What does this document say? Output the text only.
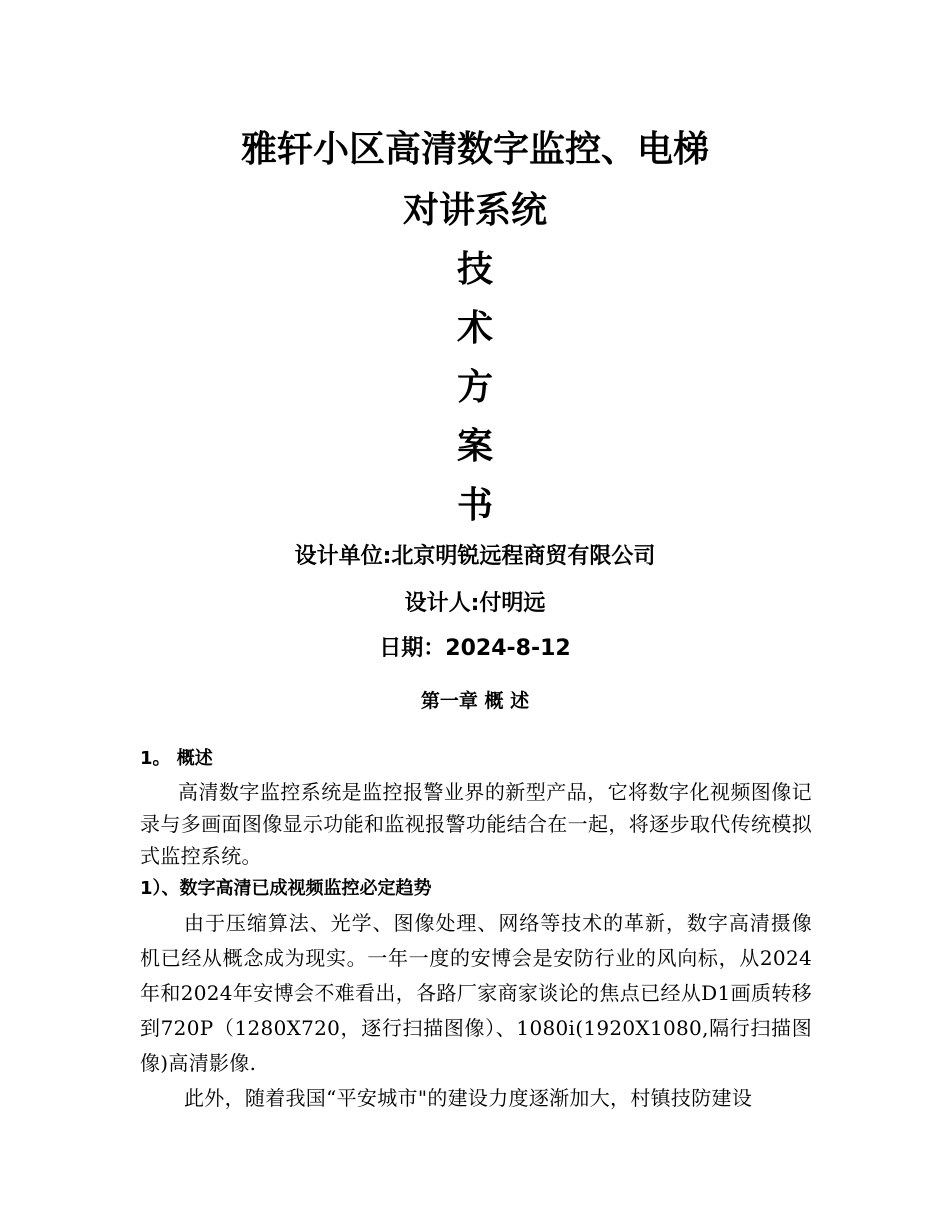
雅轩小区高清数字监控、电梯
对讲系统
技
术
方
案
书
设计单位:北京明锐远程商贸有限公司
设计人:付明远
日期：2024-8-12
第一章 概 述
1。 概述

高清数字监控系统是监控报警业界的新型产品，它将数字化视频图像记录与多画面图像显示功能和监视报警功能结合在一起，将逐步取代传统模拟式监控系统。

1）、数字高清已成视频监控必定趋势

由于压缩算法、光学、图像处理、网络等技术的革新，数字高清摄像机已经从概念成为现实。一年一度的安博会是安防行业的风向标，从2024年和2024年安博会不难看出，各路厂家商家谈论的焦点已经从D1画质转移到720P（1280X720，逐行扫描图像）、1080i(1920X1080,隔行扫描图像)高清影像.

此外，随着我国“平安城市"的建设力度逐渐加大，村镇技防建设
